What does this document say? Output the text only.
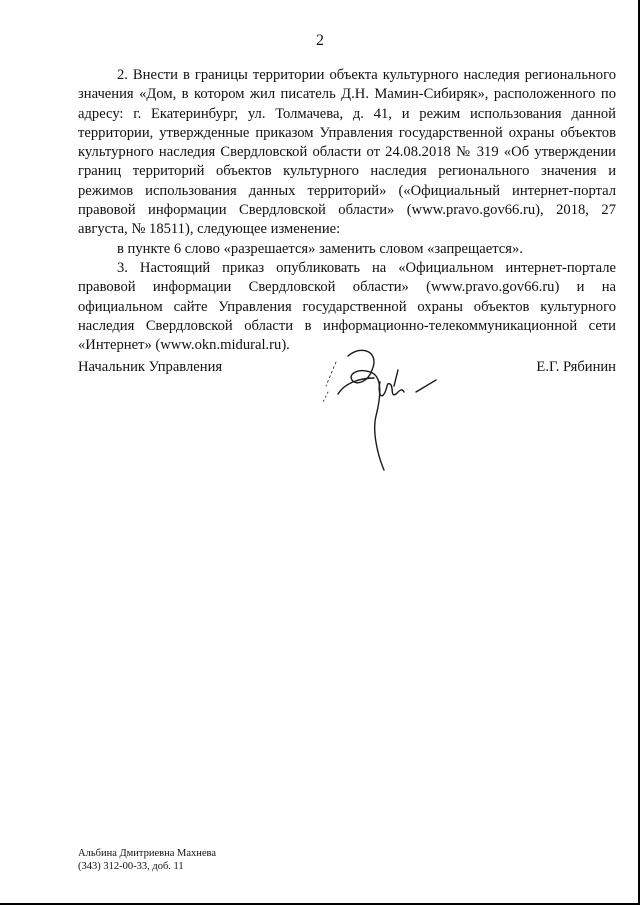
2

2. Внести в границы территории объекта культурного наследия регионального значения «Дом, в котором жил писатель Д.Н. Мамин-Сибиряк», расположенного по адресу: г. Екатеринбург, ул. Толмачева, д. 41, и режим использования данной территории, утвержденные приказом Управления государственной охраны объектов культурного наследия Свердловской области от 24.08.2018 № 319 «Об утверждении границ территорий объектов культурного наследия регионального значения и режимов использования данных территорий» («Официальный интернет-портал правовой информации Свердловской области» (www.pravo.gov66.ru), 2018, 27 августа, № 18511), следующее изменение:

в пункте 6 слово «разрешается» заменить словом «запрещается».

3. Настоящий приказ опубликовать на «Официальном интернет-портале правовой информации Свердловской области» (www.pravo.gov66.ru) и на официальном сайте Управления государственной охраны объектов культурного наследия Свердловской области в информационно-телекоммуникационной сети «Интернет» (www.okn.midural.ru).

Начальник Управления	Е.Г. Рябинин
Альбина Дмитриевна Махнева
(343) 312-00-33, доб. 11
